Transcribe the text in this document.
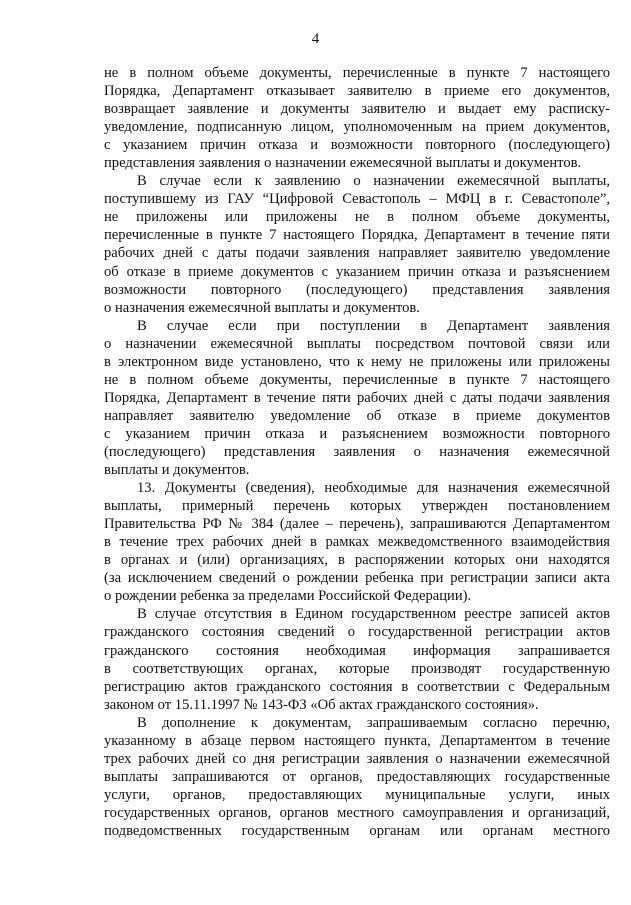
4
не в полном объеме документы, перечисленные в пункте 7 настоящего
Порядка, Департамент отказывает заявителю в приеме его документов,
возвращает заявление и документы заявителю и выдает ему расписку-
уведомление, подписанную лицом, уполномоченным на прием документов,
с указанием причин отказа и возможности повторного (последующего)
представления заявления о назначении ежемесячной выплаты и документов.
В случае если к заявлению о назначении ежемесячной выплаты,
поступившему из ГАУ “Цифровой Севастополь – МФЦ в г. Севастополе”,
не приложены или приложены не в полном объеме документы,
перечисленные в пункте 7 настоящего Порядка, Департамент в течение пяти
рабочих дней с даты подачи заявления направляет заявителю уведомление
об отказе в приеме документов с указанием причин отказа и разъяснением
возможности повторного (последующего) представления заявления
о назначения ежемесячной выплаты и документов.
В случае если при поступлении в Департамент заявления
о назначении ежемесячной выплаты посредством почтовой связи или
в электронном виде установлено, что к нему не приложены или приложены
не в полном объеме документы, перечисленные в пункте 7 настоящего
Порядка, Департамент в течение пяти рабочих дней с даты подачи заявления
направляет заявителю уведомление об отказе в приеме документов
с указанием причин отказа и разъяснением возможности повторного
(последующего) представления заявления о назначения ежемесячной
выплаты и документов.
13. Документы (сведения), необходимые для назначения ежемесячной
выплаты, примерный перечень которых утвержден постановлением
Правительства РФ № 384 (далее – перечень), запрашиваются Департаментом
в течение трех рабочих дней в рамках межведомственного взаимодействия
в органах и (или) организациях, в распоряжении которых они находятся
(за исключением сведений о рождении ребенка при регистрации записи акта
о рождении ребенка за пределами Российской Федерации).
В случае отсутствия в Едином государственном реестре записей актов
гражданского состояния сведений о государственной регистрации актов
гражданского состояния необходимая информация запрашивается
в соответствующих органах, которые производят государственную
регистрацию актов гражданского состояния в соответствии с Федеральным
законом от 15.11.1997 № 143-ФЗ «Об актах гражданского состояния».
В дополнение к документам, запрашиваемым согласно перечню,
указанному в абзаце первом настоящего пункта, Департаментом в течение
трех рабочих дней со дня регистрации заявления о назначении ежемесячной
выплаты запрашиваются от органов, предоставляющих государственные
услуги, органов, предоставляющих муниципальные услуги, иных
государственных органов, органов местного самоуправления и организаций,
подведомственных государственным органам или органам местного
